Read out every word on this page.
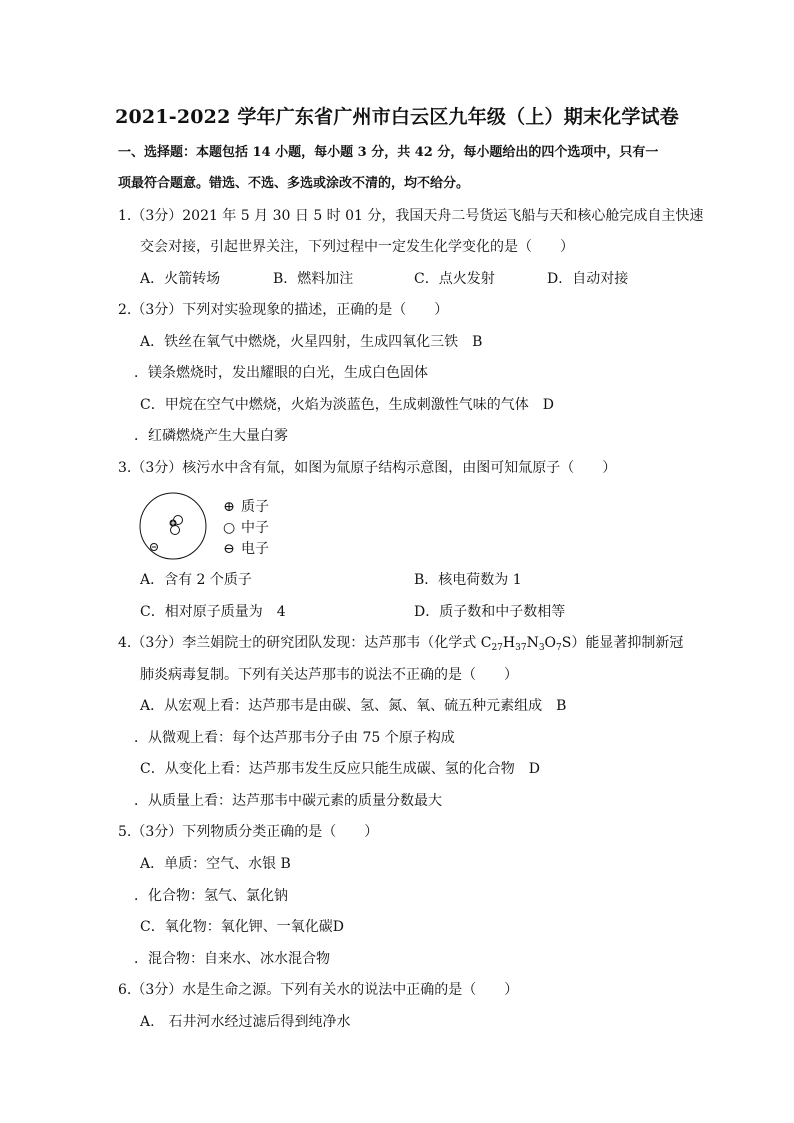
2021-2022 学年广东省广州市白云区九年级（上）期末化学试卷
一、选择题：本题包括 14 小题，每小题 3 分，共 42 分，每小题给出的四个选项中，只有一
项最符合题意。错选、不选、多选或涂改不清的，均不给分。
1.（3分）2021 年 5 月 30 日 5 时 01 分，我国天舟二号货运飞船与天和核心舱完成自主快速
交会对接，引起世界关注，下列过程中一定发生化学变化的是（　　）
A．火箭转场	B．燃料加注	C．点火发射	D．自动对接
2.（3分）下列对实验现象的描述，正确的是（　　）
A．铁丝在氧气中燃烧，火星四射，生成四氧化三铁　B
．镁条燃烧时，发出耀眼的白光，生成白色固体
C．甲烷在空气中燃烧，火焰为淡蓝色，生成刺激性气味的气体　D
．红磷燃烧产生大量白雾
3.（3分）核污水中含有氚，如图为氚原子结构示意图，由图可知氚原子（　　）
⊕ 质子
○ 中子
⊖ 电子
A．含有 2 个质子	B．核电荷数为 1
C．相对原子质量为　4	D．质子数和中子数相等
4.（3分）李兰娟院士的研究团队发现：达芦那韦（化学式 $C_{27}H_{37}N_3O_7S$）能显著抑制新冠
肺炎病毒复制。下列有关达芦那韦的说法不正确的是（　　）
A．从宏观上看：达芦那韦是由碳、氢、氮、氧、硫五种元素组成　B
．从微观上看：每个达芦那韦分子由 75 个原子构成
C．从变化上看：达芦那韦发生反应只能生成碳、氢的化合物　D
．从质量上看：达芦那韦中碳元素的质量分数最大
5.（3分）下列物质分类正确的是（　　）
A．单质：空气、水银 B
．化合物：氢气、氯化钠
C．氧化物：氧化钾、一氧化碳D
．混合物：自来水、冰水混合物
6.（3分）水是生命之源。下列有关水的说法中正确的是（　　）
A.　石井河水经过滤后得到纯净水
